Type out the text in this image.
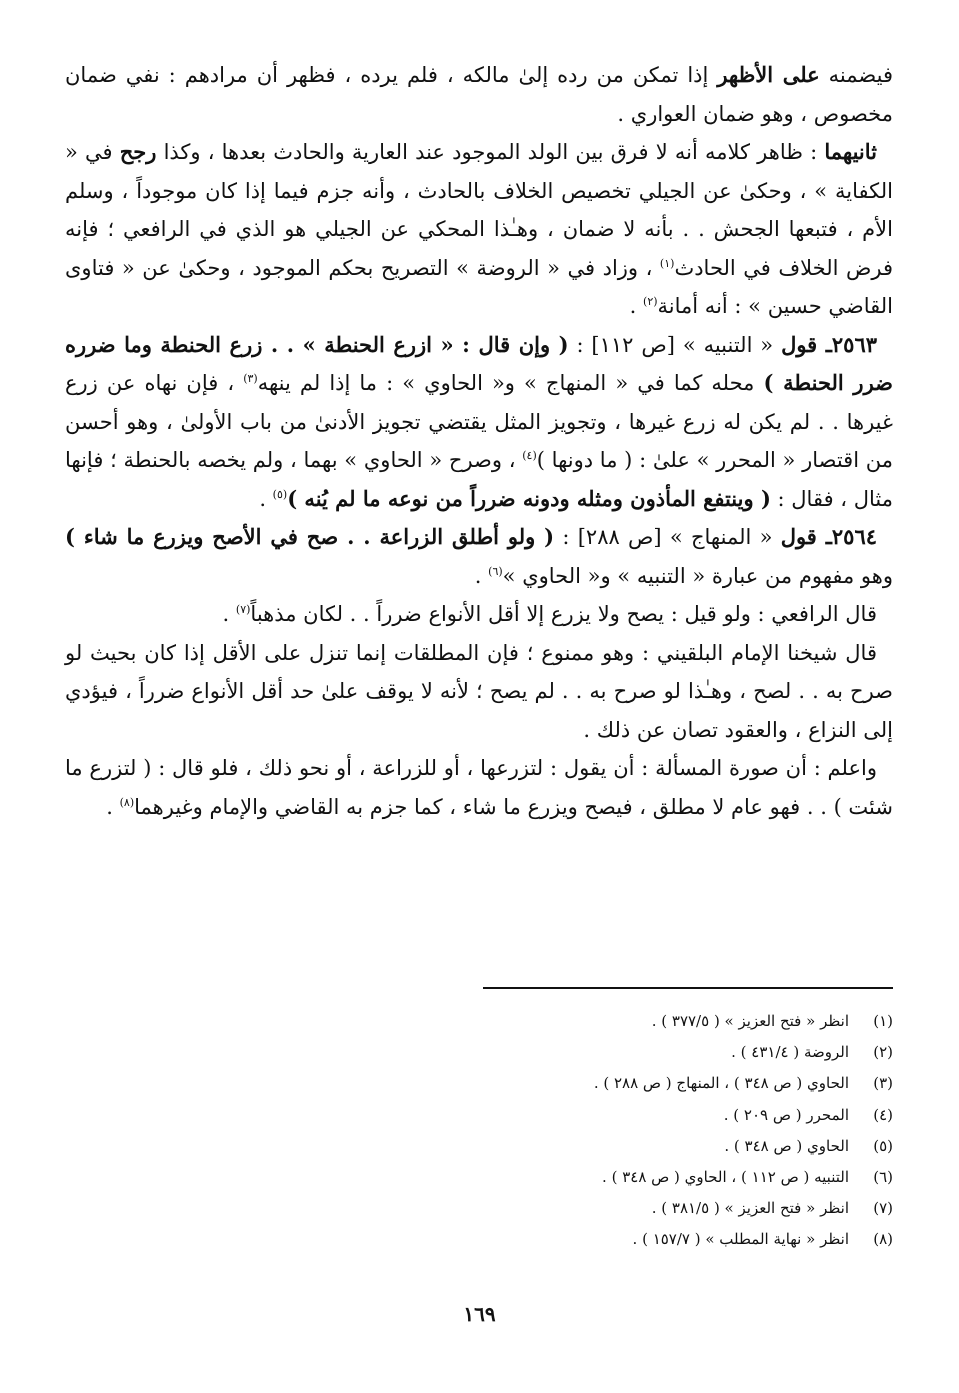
فيضمنه على الأظهر إذا تمكن من رده إلىٰ مالكه ، فلم يرده ، فظهر أن مرادهم : نفي ضمان مخصوص ، وهو ضمان العواري .

ثانيهما : ظاهر كلامه أنه لا فرق بين الولد الموجود عند العارية والحادث بعدها ، وكذا رجح في « الكفاية » ، وحكىٰ عن الجيلي تخصيص الخلاف بالحادث ، وأنه جزم فيما إذا كان موجوداً ، وسلم الأم ، فتبعها الجحش . . بأنه لا ضمان ، وهـٰذا المحكي عن الجيلي هو الذي في الرافعي ؛ فإنه فرض الخلاف في الحادث$^{(١)}$ ، وزاد في « الروضة » التصريح بحكم الموجود ، وحكىٰ عن « فتاوى القاضي حسين » : أنه أمانة$^{(٢)}$ .

٢٥٦٣ـ قول « التنبيه » [ص ١١٢] : ( وإن قال : « ازرع الحنطة » . . زرع الحنطة وما ضرره ضرر الحنطة ) محله كما في « المنهاج » و« الحاوي » : ما إذا لم ينهه$^{(٣)}$ ، فإن نهاه عن زرع غيرها . . لم يكن له زرع غيرها ، وتجويز المثل يقتضي تجويز الأدنىٰ من باب الأولىٰ ، وهو أحسن من اقتصار « المحرر » علىٰ : ( ما دونها )$^{(٤)}$ ، وصرح « الحاوي » بهما ، ولم يخصه بالحنطة ؛ فإنها مثال ، فقال : ( وينتفع المأذون ومثله ودونه ضرراً من نوعه ما لم يُنه )$^{(٥)}$ .

٢٥٦٤ـ قول « المنهاج » [ص ٢٨٨] : ( ولو أطلق الزراعة . . صح في الأصح ويزرع ما شاء ) وهو مفهوم من عبارة « التنبيه » و« الحاوي »$^{(٦)}$ .

قال الرافعي : ولو قيل : يصح ولا يزرع إلا أقل الأنواع ضرراً . . لكان مذهباً$^{(٧)}$ .

قال شيخنا الإمام البلقيني : وهو ممنوع ؛ فإن المطلقات إنما تنزل على الأقل إذا كان بحيث لو صرح به . . لصح ، وهـٰذا لو صرح به . . لم يصح ؛ لأنه لا يوقف علىٰ حد أقل الأنواع ضرراً ، فيؤدي إلى النزاع ، والعقود تصان عن ذلك .

واعلم : أن صورة المسألة : أن يقول : لتزرعها ، أو للزراعة ، أو نحو ذلك ، فلو قال : ( لتزرع ما شئت ) . . فهو عام لا مطلق ، فيصح ويزرع ما شاء ، كما جزم به القاضي والإمام وغيرهما$^{(٨)}$ .

(١)
انظر « فتح العزيز » ( ٣٧٧/٥ ) .
(٢)
الروضة ( ٤٣١/٤ ) .
(٣)
الحاوي ( ص ٣٤٨ ) ، المنهاج ( ص ٢٨٨ ) .
(٤)
المحرر ( ص ٢٠٩ ) .
(٥)
الحاوي ( ص ٣٤٨ ) .
(٦)
التنبيه ( ص ١١٢ ) ، الحاوي ( ص ٣٤٨ ) .
(٧)
انظر « فتح العزيز » ( ٣٨١/٥ ) .
(٨)
انظر « نهاية المطلب » ( ١٥٧/٧ ) .
١٦٩
